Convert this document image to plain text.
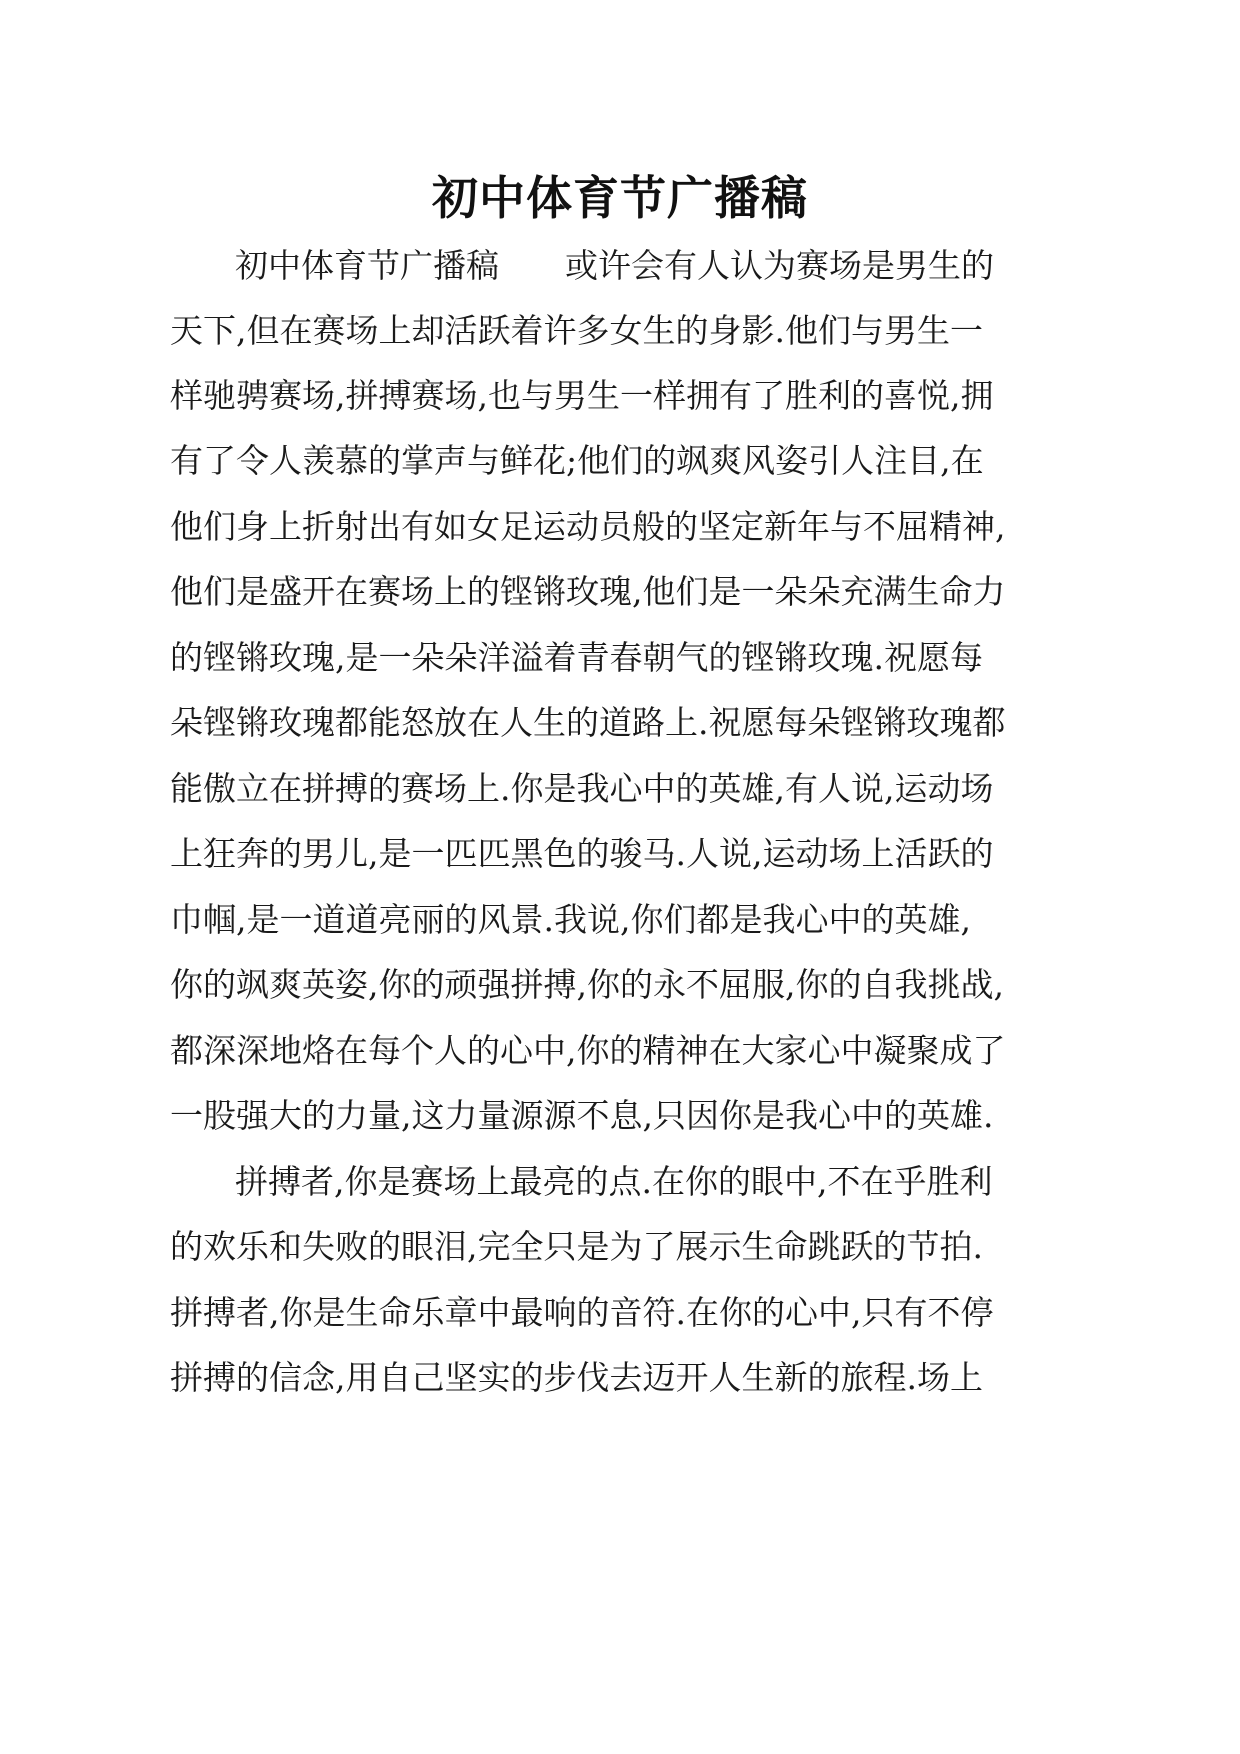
初中体育节广播稿
初中体育节广播稿　　或许会有人认为赛场是男生的
天下,但在赛场上却活跃着许多女生的身影.他们与男生一
样驰骋赛场,拼搏赛场,也与男生一样拥有了胜利的喜悦,拥
有了令人羡慕的掌声与鲜花;他们的飒爽风姿引人注目,在
他们身上折射出有如女足运动员般的坚定新年与不屈精神,
他们是盛开在赛场上的铿锵玫瑰,他们是一朵朵充满生命力
的铿锵玫瑰,是一朵朵洋溢着青春朝气的铿锵玫瑰.祝愿每
朵铿锵玫瑰都能怒放在人生的道路上.祝愿每朵铿锵玫瑰都
能傲立在拼搏的赛场上.你是我心中的英雄,有人说,运动场
上狂奔的男儿,是一匹匹黑色的骏马.人说,运动场上活跃的
巾帼,是一道道亮丽的风景.我说,你们都是我心中的英雄,
你的飒爽英姿,你的顽强拼搏,你的永不屈服,你的自我挑战,
都深深地烙在每个人的心中,你的精神在大家心中凝聚成了
一股强大的力量,这力量源源不息,只因你是我心中的英雄.
拼搏者,你是赛场上最亮的点.在你的眼中,不在乎胜利
的欢乐和失败的眼泪,完全只是为了展示生命跳跃的节拍.
拼搏者,你是生命乐章中最响的音符.在你的心中,只有不停
拼搏的信念,用自己坚实的步伐去迈开人生新的旅程.场上
